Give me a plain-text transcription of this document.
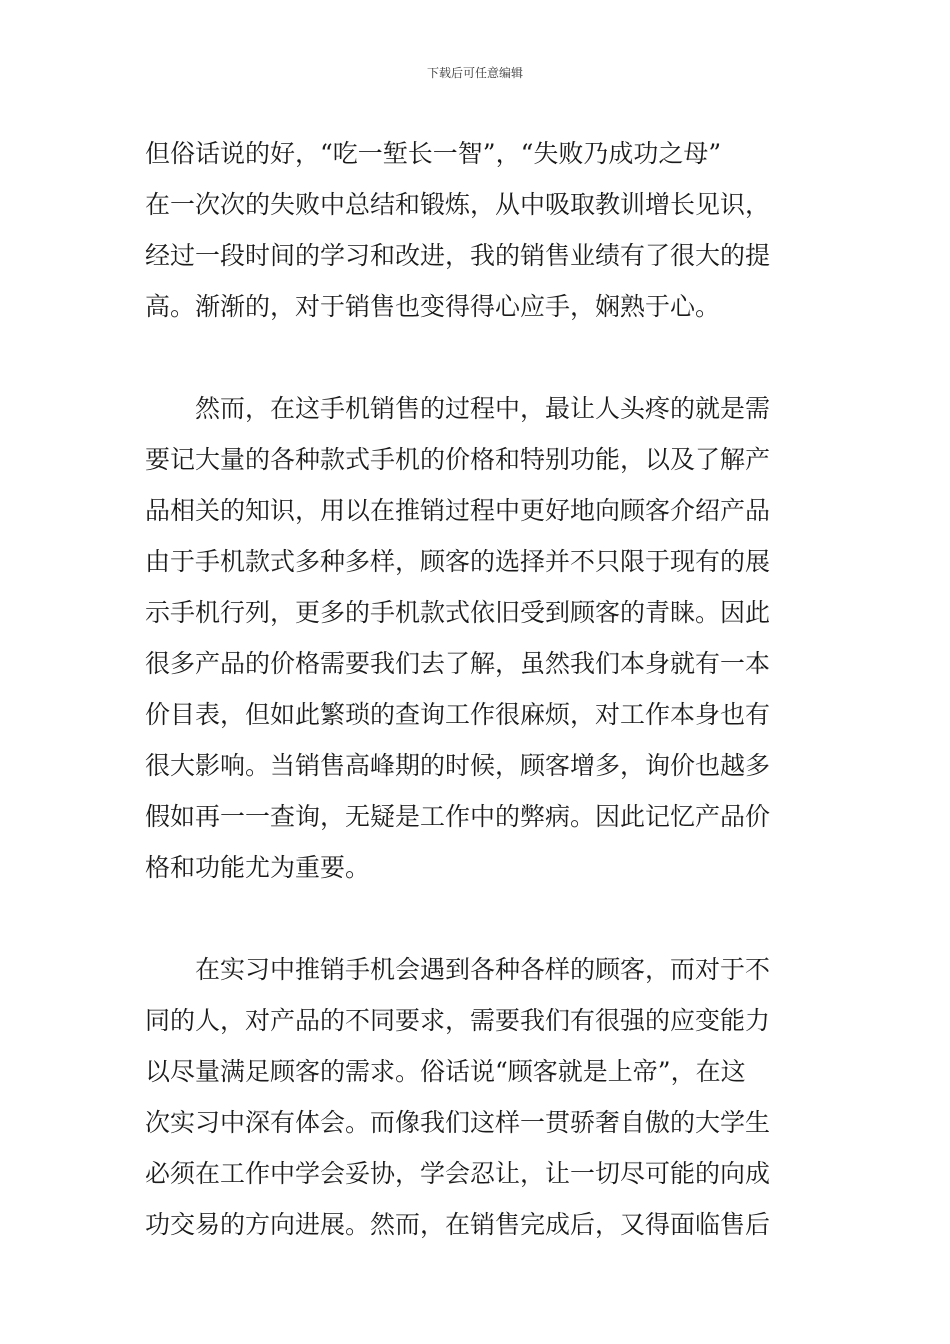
下载后可任意编辑

但俗话说的好，“吃一堑长一智”，“失败乃成功之母”
在一次次的失败中总结和锻炼，从中吸取教训增长见识，
经过一段时间的学习和改进，我的销售业绩有了很大的提
高。渐渐的，对于销售也变得得心应手，娴熟于心。
　　然而，在这手机销售的过程中，最让人头疼的就是需
要记大量的各种款式手机的价格和特别功能，以及了解产
品相关的知识，用以在推销过程中更好地向顾客介绍产品
由于手机款式多种多样，顾客的选择并不只限于现有的展
示手机行列，更多的手机款式依旧受到顾客的青睐。因此
很多产品的价格需要我们去了解，虽然我们本身就有一本
价目表，但如此繁琐的查询工作很麻烦，对工作本身也有
很大影响。当销售高峰期的时候，顾客增多，询价也越多
假如再一一查询，无疑是工作中的弊病。因此记忆产品价
格和功能尤为重要。
　　在实习中推销手机会遇到各种各样的顾客，而对于不
同的人，对产品的不同要求，需要我们有很强的应变能力
以尽量满足顾客的需求。俗话说“顾客就是上帝”，在这
次实习中深有体会。而像我们这样一贯骄奢自傲的大学生
必须在工作中学会妥协，学会忍让，让一切尽可能的向成
功交易的方向进展。然而，在销售完成后，又得面临售后
